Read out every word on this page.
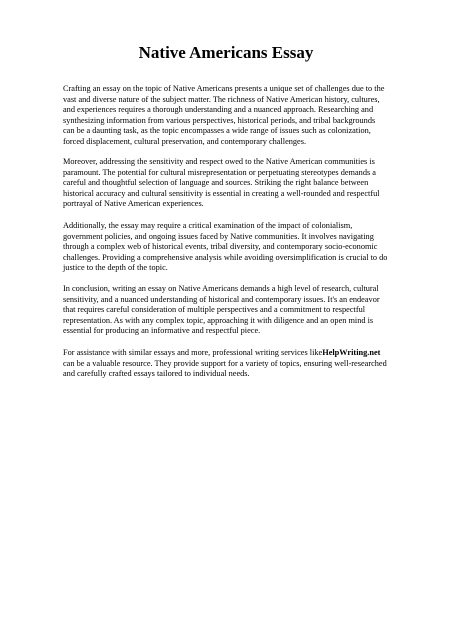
Native Americans Essay

Crafting an essay on the topic of Native Americans presents a unique set of challenges due to the
vast and diverse nature of the subject matter. The richness of Native American history, cultures,
and experiences requires a thorough understanding and a nuanced approach. Researching and
synthesizing information from various perspectives, historical periods, and tribal backgrounds
can be a daunting task, as the topic encompasses a wide range of issues such as colonization,
forced displacement, cultural preservation, and contemporary challenges.

Moreover, addressing the sensitivity and respect owed to the Native American communities is
paramount. The potential for cultural misrepresentation or perpetuating stereotypes demands a
careful and thoughtful selection of language and sources. Striking the right balance between
historical accuracy and cultural sensitivity is essential in creating a well-rounded and respectful
portrayal of Native American experiences.

Additionally, the essay may require a critical examination of the impact of colonialism,
government policies, and ongoing issues faced by Native communities. It involves navigating
through a complex web of historical events, tribal diversity, and contemporary socio-economic
challenges. Providing a comprehensive analysis while avoiding oversimplification is crucial to do
justice to the depth of the topic.

In conclusion, writing an essay on Native Americans demands a high level of research, cultural
sensitivity, and a nuanced understanding of historical and contemporary issues. It's an endeavor
that requires careful consideration of multiple perspectives and a commitment to respectful
representation. As with any complex topic, approaching it with diligence and an open mind is
essential for producing an informative and respectful piece.

For assistance with similar essays and more, professional writing services likeHelpWriting.net
can be a valuable resource. They provide support for a variety of topics, ensuring well-researched
and carefully crafted essays tailored to individual needs.
